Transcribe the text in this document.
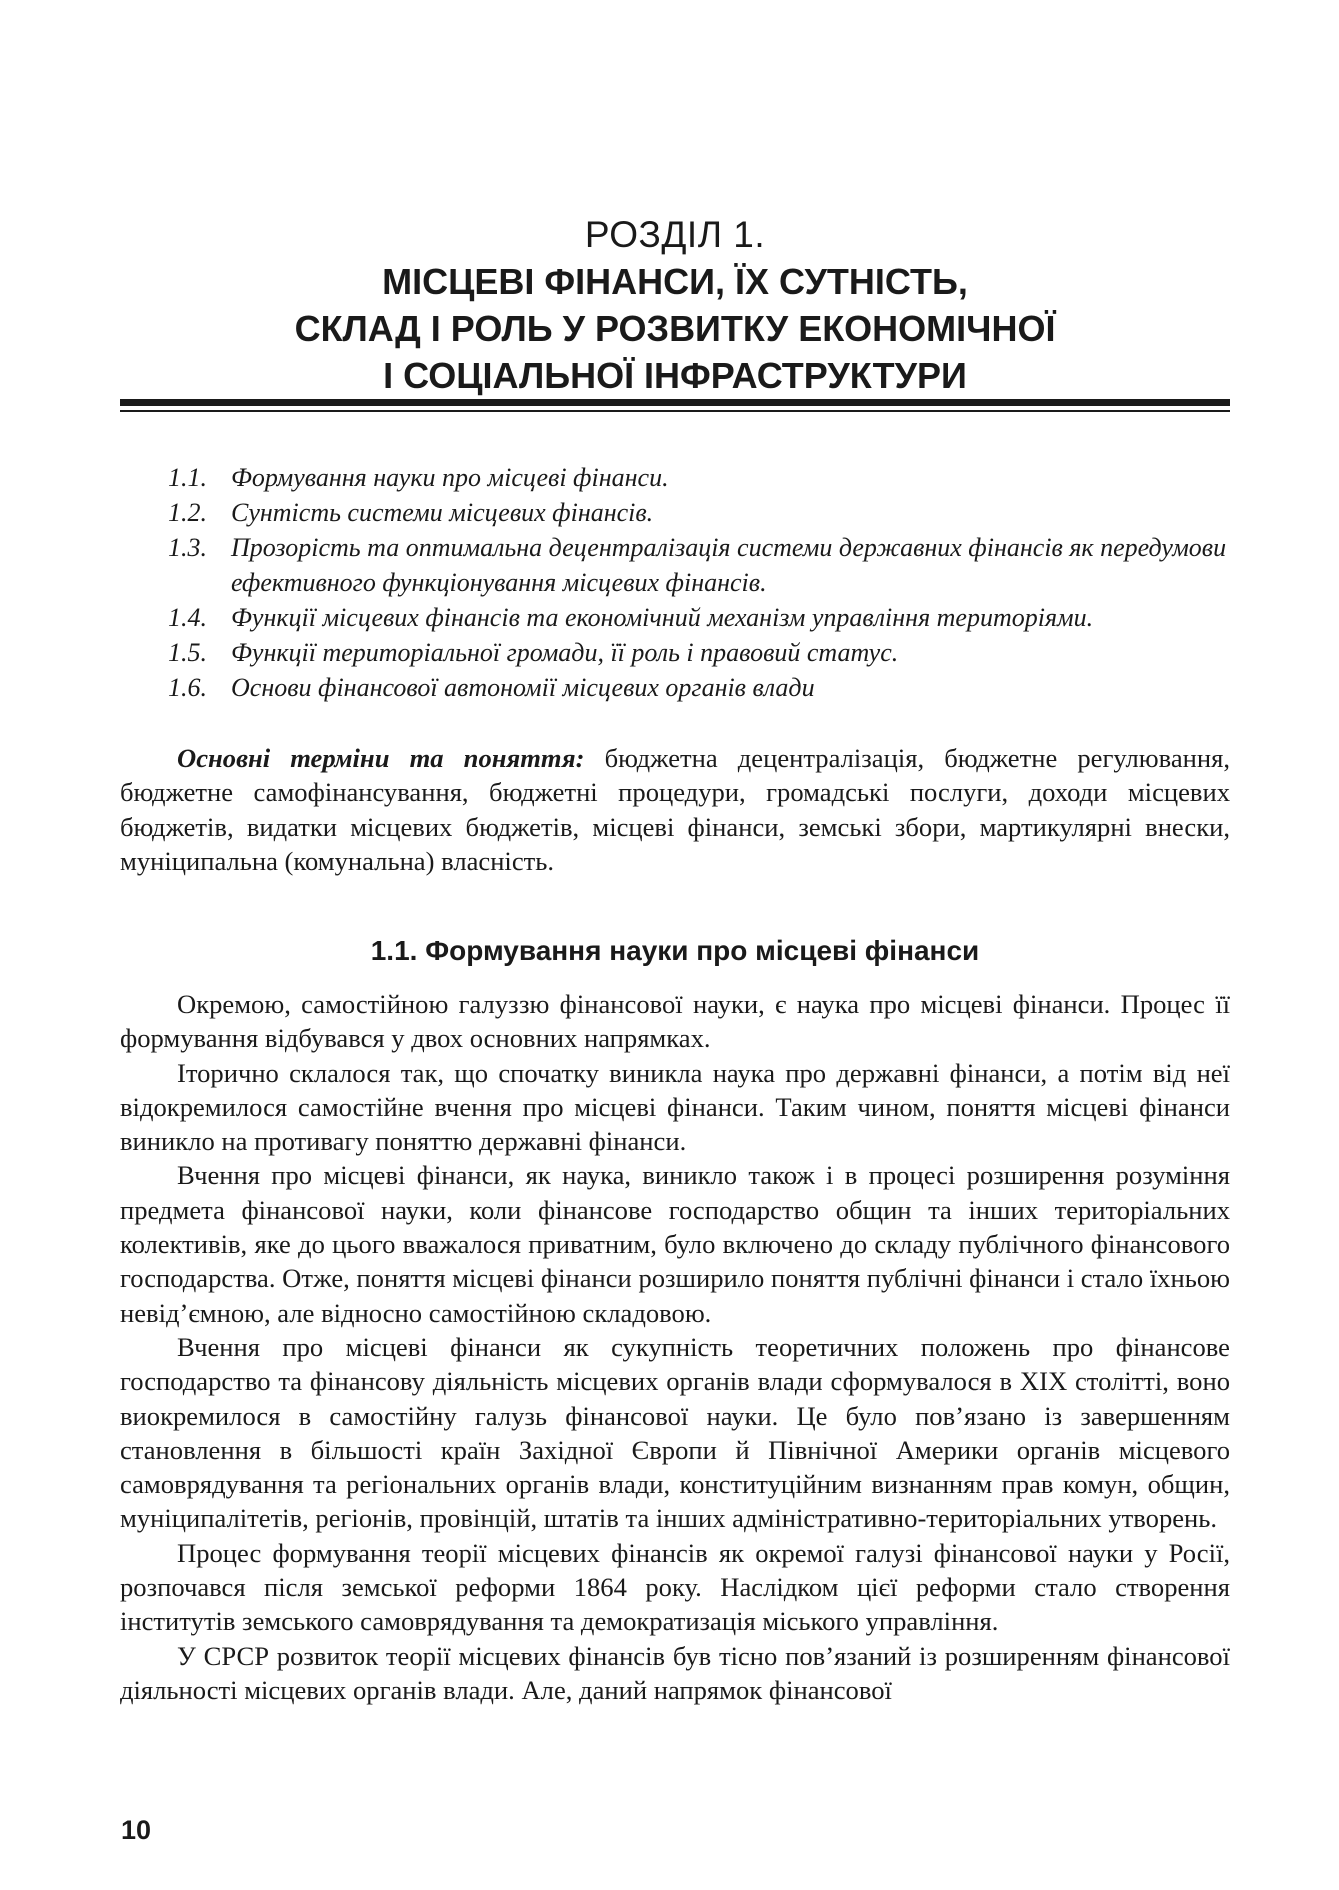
РОЗДІЛ 1.
МІСЦЕВІ ФІНАНСИ, ЇХ СУТНІСТЬ,
СКЛАД І РОЛЬ У РОЗВИТКУ ЕКОНОМІЧНОЇ
І СОЦІАЛЬНОЇ ІНФРАСТРУКТУРИ
1.1. Формування науки про місцеві фінанси.
1.2. Сунтість системи місцевих фінансів.
1.3. Прозорість та оптимальна децентралізація системи державних фінансів як передумови ефективного функціонування місцевих фінансів.
1.4. Функції місцевих фінансів та економічний механізм управління територіями.
1.5. Функції територіальної громади, її роль і правовий статус.
1.6. Основи фінансової автономії місцевих органів влади
Основні терміни та поняття: бюджетна децентралізація, бюджетне регулювання, бюджетне самофінансування, бюджетні процедури, громадські послуги, доходи місцевих бюджетів, видатки місцевих бюджетів, місцеві фінанси, земські збори, мартикулярні внески, муніципальна (комунальна) власність.
1.1. Формування науки про місцеві фінанси

Окремою, самостійною галуззю фінансової науки, є наука про місцеві фінанси. Процес її формування відбувався у двох основних напрямках.

Іторично склалося так, що спочатку виникла наука про державні фінанси, а потім від неї відокремилося самостійне вчення про місцеві фінанси. Таким чином, поняття місцеві фінанси виникло на противагу поняттю державні фінанси.

Вчення про місцеві фінанси, як наука, виникло також і в процесі розширення розуміння предмета фінансової науки, коли фінансове господарство общин та інших територіальних колективів, яке до цього вважалося приватним, було включено до складу публічного фінансового господарства. Отже, поняття місцеві фінанси розширило поняття публічні фінанси і стало їхньою невід’ємною, але відносно самостійною складовою.

Вчення про місцеві фінанси як сукупність теоретичних положень про фінансове господарство та фінансову діяльність місцевих органів влади сформувалося в XIX столітті, воно виокремилося в самостійну галузь фінансової науки. Це було пов’язано із завершенням становлення в більшості країн Західної Європи й Північної Америки органів місцевого самоврядування та регіональних органів влади, конституційним визнанням прав комун, общин, муніципалітетів, регіонів, провінцій, штатів та інших адміністративно-територіальних утворень.

Процес формування теорії місцевих фінансів як окремої галузі фінансової науки у Росії, розпочався після земської реформи 1864 року. Наслідком цієї реформи стало створення інститутів земського самоврядування та демократизація міського управління.

У СРСР розвиток теорії місцевих фінансів був тісно пов’язаний із розширенням фінансової діяльності місцевих органів влади. Але, даний напрямок фінансової

10
